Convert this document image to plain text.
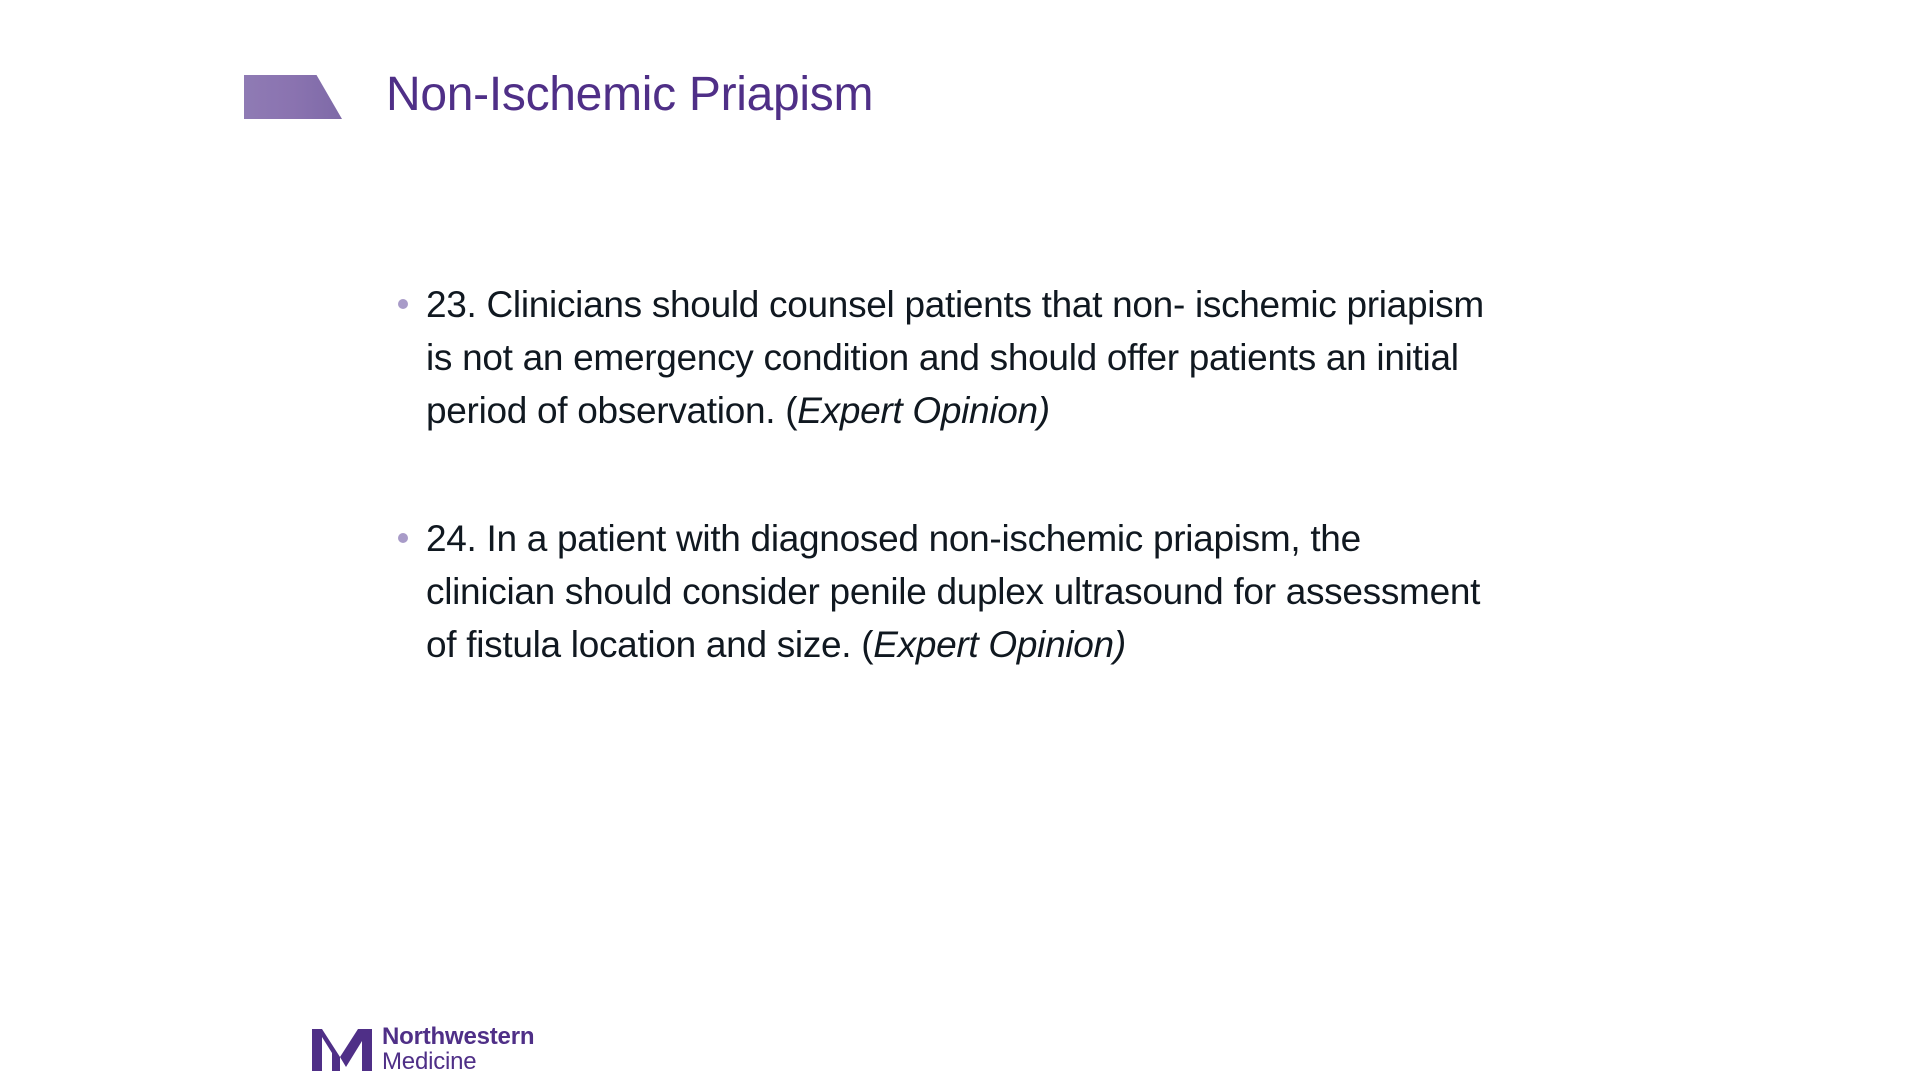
Non-Ischemic Priapism
23. Clinicians should counsel patients that non- ischemic priapism is not an emergency condition and should offer patients an initial period of observation. (Expert Opinion)
24. In a patient with diagnosed non-ischemic priapism, the clinician should consider penile duplex ultrasound for assessment of fistula location and size. (Expert Opinion)
Northwestern
Medicine
